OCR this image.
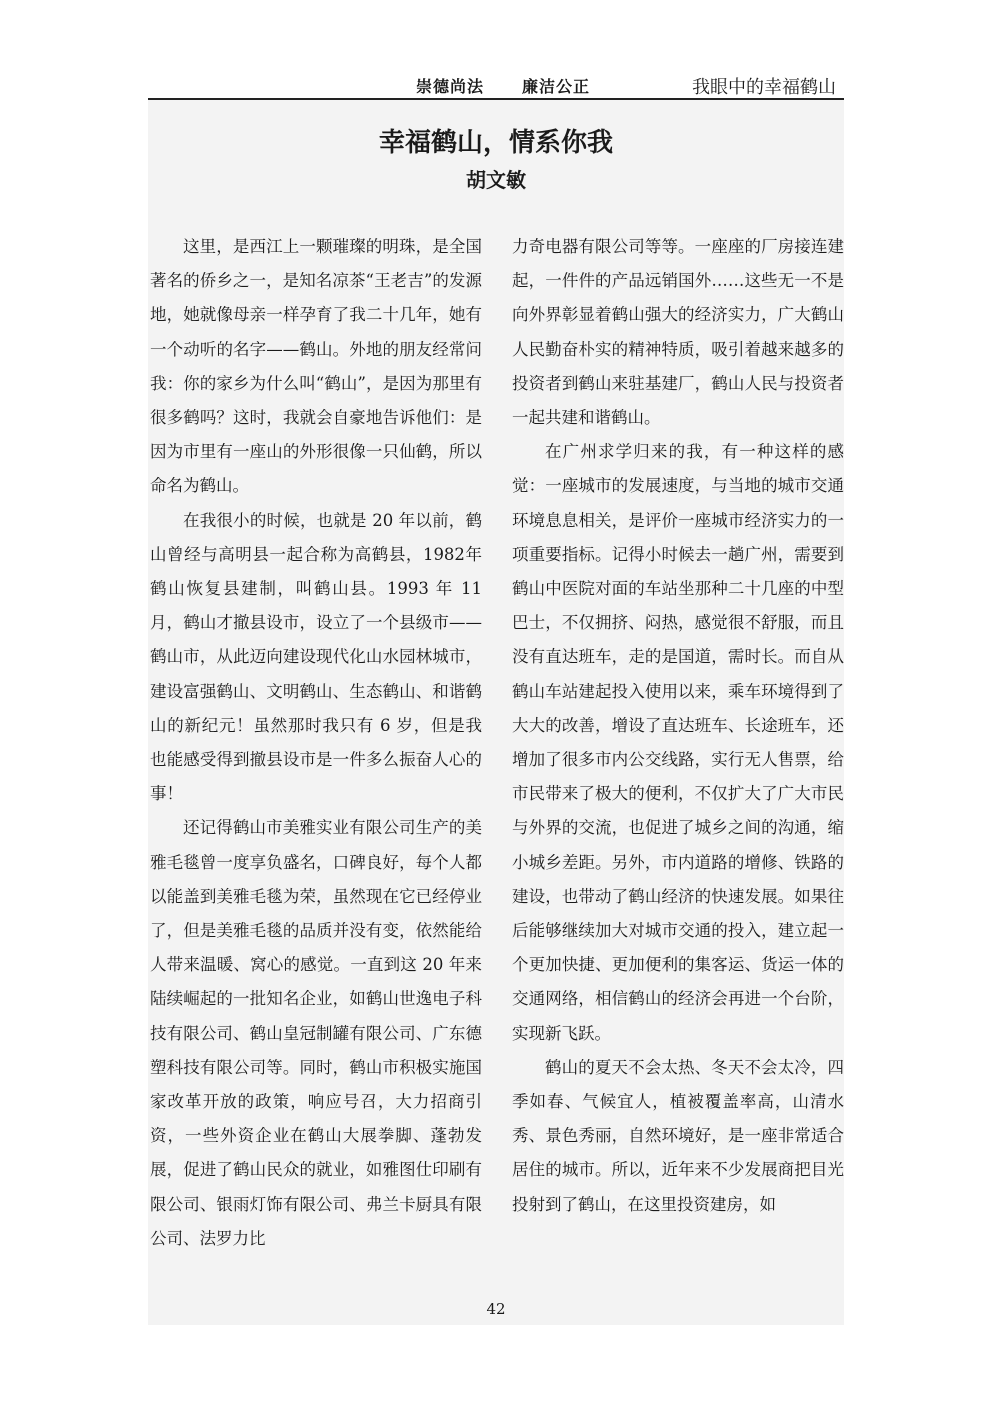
崇德尚法 廉洁公正	我眼中的幸福鹤山
幸福鹤山，情系你我
胡文敏

这里，是西江上一颗璀璨的明珠，是全国著名的侨乡之一，是知名凉茶“王老吉”的发源地，她就像母亲一样孕育了我二十几年，她有一个动听的名字——鹤山。外地的朋友经常问我：你的家乡为什么叫“鹤山”，是因为那里有很多鹤吗？这时，我就会自豪地告诉他们：是因为市里有一座山的外形很像一只仙鹤，所以命名为鹤山。

在我很小的时候，也就是 20 年以前，鹤山曾经与高明县一起合称为高鹤县，1982年鹤山恢复县建制，叫鹤山县。1993 年 11月，鹤山才撤县设市，设立了一个县级市——鹤山市，从此迈向建设现代化山水园林城市，建设富强鹤山、文明鹤山、生态鹤山、和谐鹤山的新纪元！虽然那时我只有 6 岁，但是我也能感受得到撤县设市是一件多么振奋人心的事！

还记得鹤山市美雅实业有限公司生产的美雅毛毯曾一度享负盛名，口碑良好，每个人都以能盖到美雅毛毯为荣，虽然现在它已经停业了，但是美雅毛毯的品质并没有变，依然能给人带来温暖、窝心的感觉。一直到这 20 年来陆续崛起的一批知名企业，如鹤山世逸电子科技有限公司、鹤山皇冠制罐有限公司、广东德塑科技有限公司等。同时，鹤山市积极实施国家改革开放的政策，响应号召，大力招商引资，一些外资企业在鹤山大展拳脚、蓬勃发展，促进了鹤山民众的就业，如雅图仕印刷有限公司、银雨灯饰有限公司、弗兰卡厨具有限公司、法罗力比

力奇电器有限公司等等。一座座的厂房接连建起，一件件的产品远销国外……这些无一不是向外界彰显着鹤山强大的经济实力，广大鹤山人民勤奋朴实的精神特质，吸引着越来越多的投资者到鹤山来驻基建厂，鹤山人民与投资者一起共建和谐鹤山。

在广州求学归来的我，有一种这样的感觉：一座城市的发展速度，与当地的城市交通环境息息相关，是评价一座城市经济实力的一项重要指标。记得小时候去一趟广州，需要到鹤山中医院对面的车站坐那种二十几座的中型巴士，不仅拥挤、闷热，感觉很不舒服，而且没有直达班车，走的是国道，需时长。而自从鹤山车站建起投入使用以来，乘车环境得到了大大的改善，增设了直达班车、长途班车，还增加了很多市内公交线路，实行无人售票，给市民带来了极大的便利，不仅扩大了广大市民与外界的交流，也促进了城乡之间的沟通，缩小城乡差距。另外，市内道路的增修、铁路的建设，也带动了鹤山经济的快速发展。如果往后能够继续加大对城市交通的投入，建立起一个更加快捷、更加便利的集客运、货运一体的交通网络，相信鹤山的经济会再进一个台阶，实现新飞跃。

鹤山的夏天不会太热、冬天不会太冷，四季如春、气候宜人，植被覆盖率高，山清水秀、景色秀丽，自然环境好，是一座非常适合居住的城市。所以，近年来不少发展商把目光投射到了鹤山，在这里投资建房，如

42
